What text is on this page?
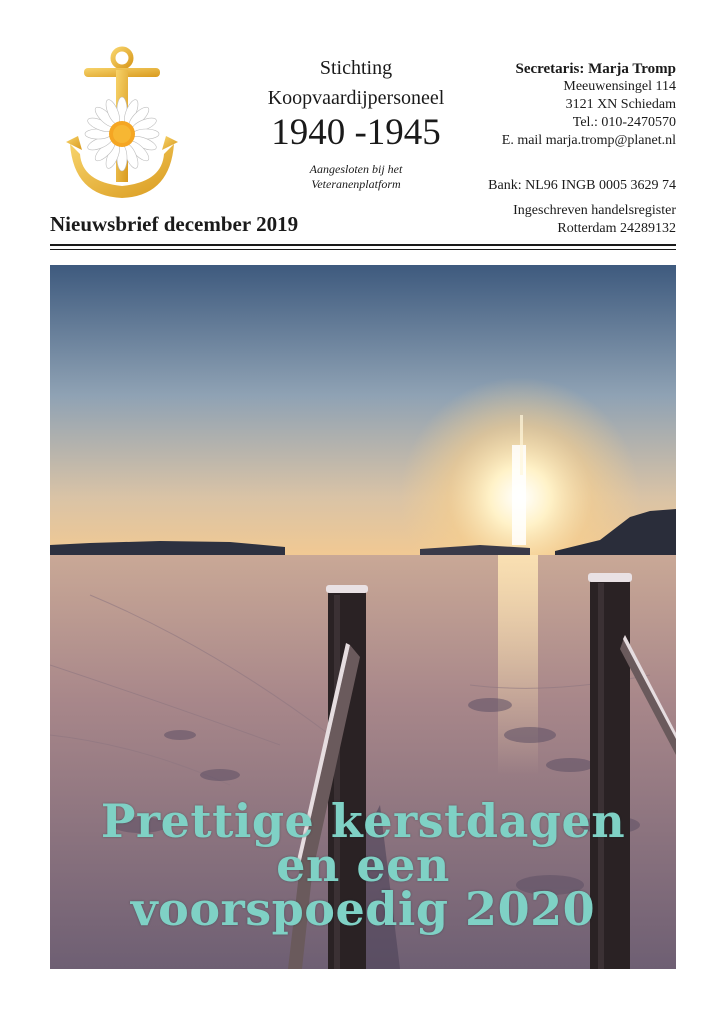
Stichting
Koopvaardijpersoneel
1940 -1945
Aangesloten bij het
Veteranenplatform
Secretaris: Marja Tromp
Meeuwensingel 114
3121 XN Schiedam
Tel.: 010-2470570
E. mail marja.tromp@planet.nl
Bank: NL96 INGB 0005 3629 74
Ingeschreven handelsregister
Rotterdam 24289132
Nieuwsbrief december 2019
Prettige kerstdagen
en een
voorspoedig 2020
